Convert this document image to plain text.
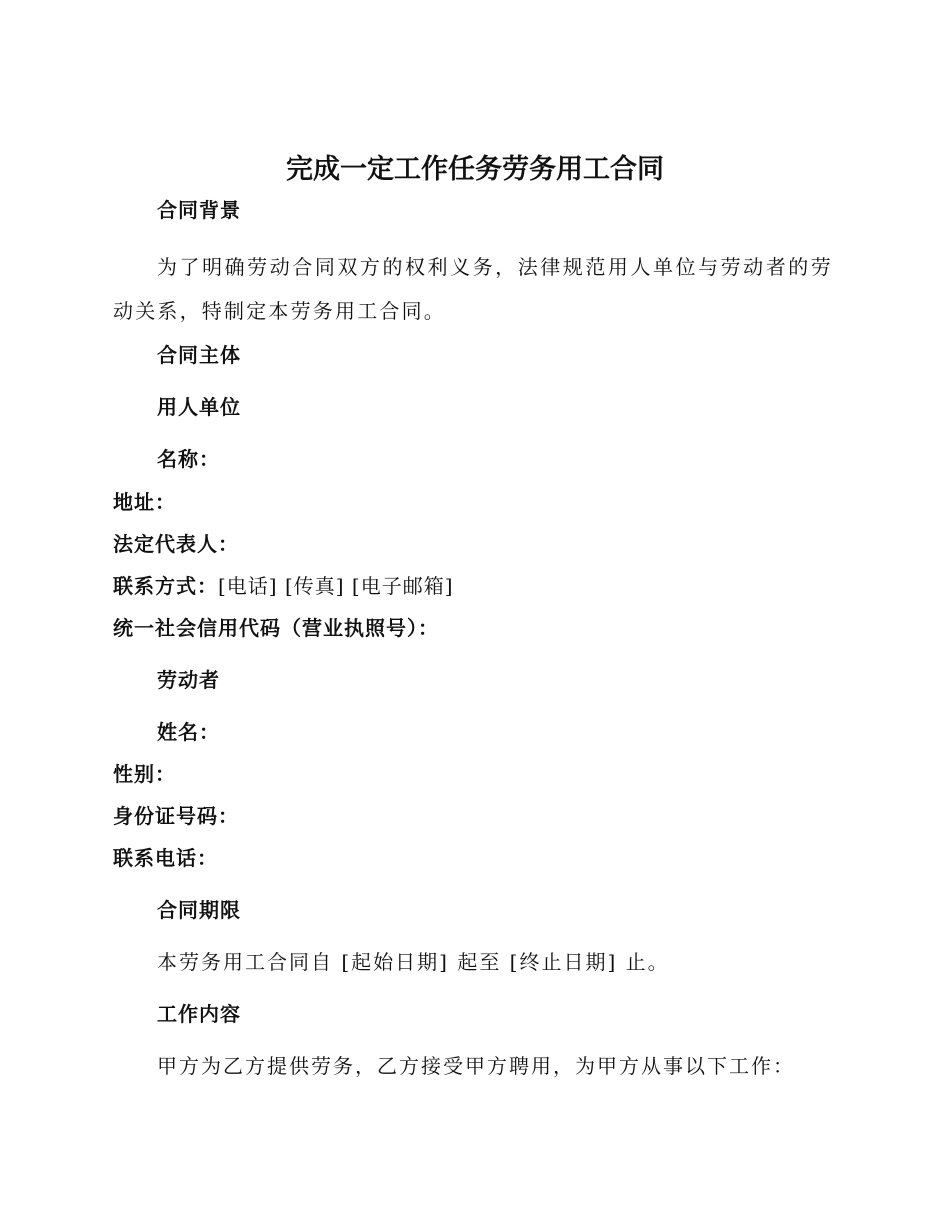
完成一定工作任务劳务用工合同
合同背景
为了明确劳动合同双方的权利义务，法律规范用人单位与劳动者的劳动关系，特制定本劳务用工合同。
合同主体
用人单位
名称：
地址：
法定代表人：
联系方式：[电话] [传真] [电子邮箱]
统一社会信用代码（营业执照号）：
劳动者
姓名：
性别：
身份证号码：
联系电话：
合同期限
本劳务用工合同自 [起始日期] 起至 [终止日期] 止。
工作内容
甲方为乙方提供劳务，乙方接受甲方聘用，为甲方从事以下工作：
